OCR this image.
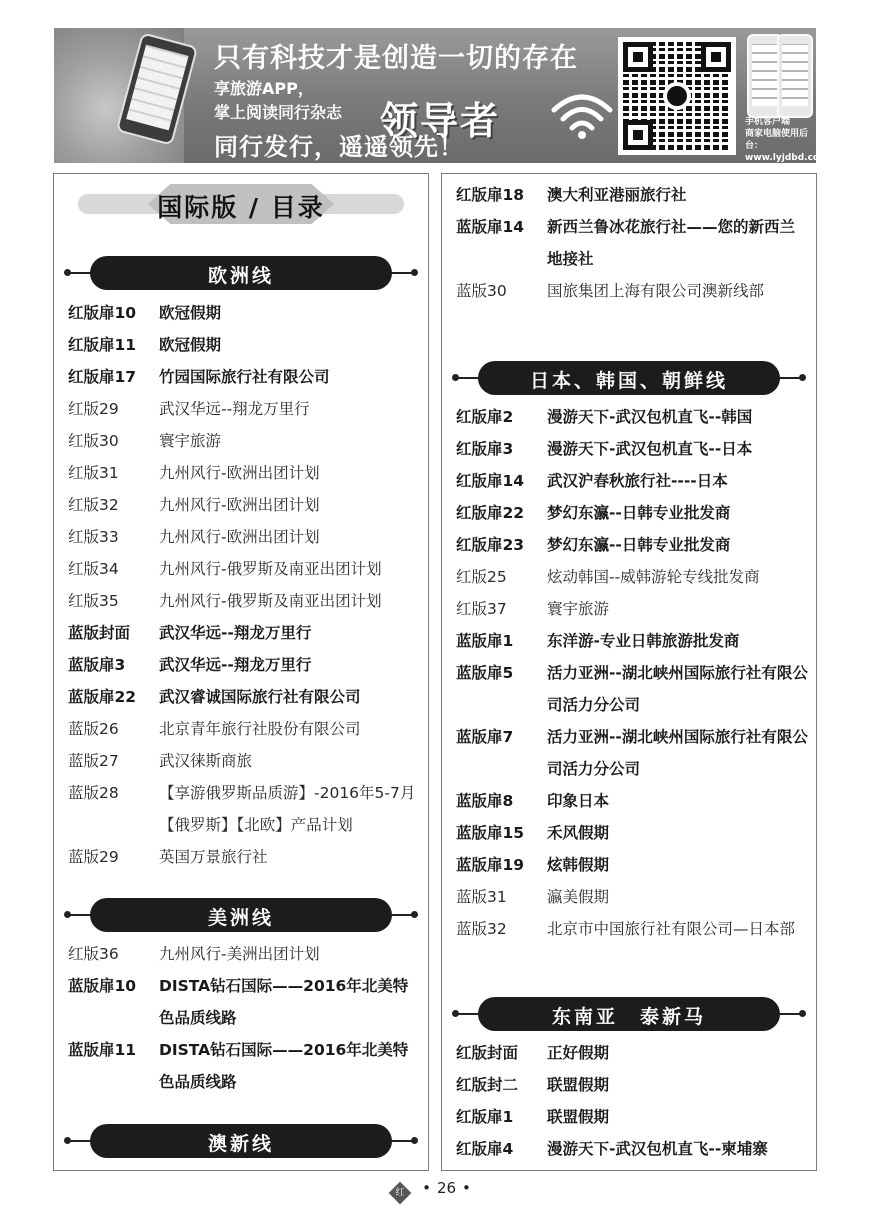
只有科技才是创造一切的存在
享旅游APP，
掌上阅读同行杂志 领导者
同行发行，遥遥领先！
手机客户端
商家电脑使用后台：
www.lyjdbd.com/jdbd
国际版 / 目录
欧洲线
红版扉10 欧冠假期
红版扉11 欧冠假期
红版扉17 竹园国际旅行社有限公司
红版29	武汉华远--翔龙万里行
红版30	寰宇旅游
红版31	九州风行-欧洲出团计划
红版32	九州风行-欧洲出团计划
红版33	九州风行-欧洲出团计划
红版34	九州风行-俄罗斯及南亚出团计划
红版35	九州风行-俄罗斯及南亚出团计划
蓝版封面 武汉华远--翔龙万里行
蓝版扉3 武汉华远--翔龙万里行
蓝版扉22 武汉睿诚国际旅行社有限公司
蓝版26	北京青年旅行社股份有限公司
蓝版27	武汉徕斯商旅
蓝版28	【享游俄罗斯品质游】-2016年5-7月【俄罗斯】【北欧】产品计划
蓝版29	英国万景旅行社
美洲线
红版36	九州风行-美洲出团计划
蓝版扉10 DISTA钻石国际——2016年北美特色品质线路
蓝版扉11 DISTA钻石国际——2016年北美特色品质线路
澳新线
红版扉18 澳大利亚港丽旅行社
蓝版扉14 新西兰鲁冰花旅行社——您的新西兰地接社
蓝版30	国旅集团上海有限公司澳新线部
日本、韩国、朝鲜线
红版扉2 漫游天下-武汉包机直飞--韩国
红版扉3 漫游天下-武汉包机直飞--日本
红版扉14 武汉沪春秋旅行社----日本
红版扉22 梦幻东瀛--日韩专业批发商
红版扉23 梦幻东瀛--日韩专业批发商
红版25	炫动韩国--威韩游轮专线批发商
红版37	寰宇旅游
蓝版扉1 东洋游-专业日韩旅游批发商
蓝版扉5 活力亚洲--湖北峡州国际旅行社有限公司活力分公司
蓝版扉7 活力亚洲--湖北峡州国际旅行社有限公司活力分公司
蓝版扉8 印象日本
蓝版扉15 禾风假期
蓝版扉19 炫韩假期
蓝版31	瀛美假期
蓝版32	北京市中国旅行社有限公司—日本部
东南亚　泰新马
红版封面 正好假期
红版封二 联盟假期
红版扉1 联盟假期
红版扉4 漫游天下-武汉包机直飞--柬埔寨
红 • 26 •
